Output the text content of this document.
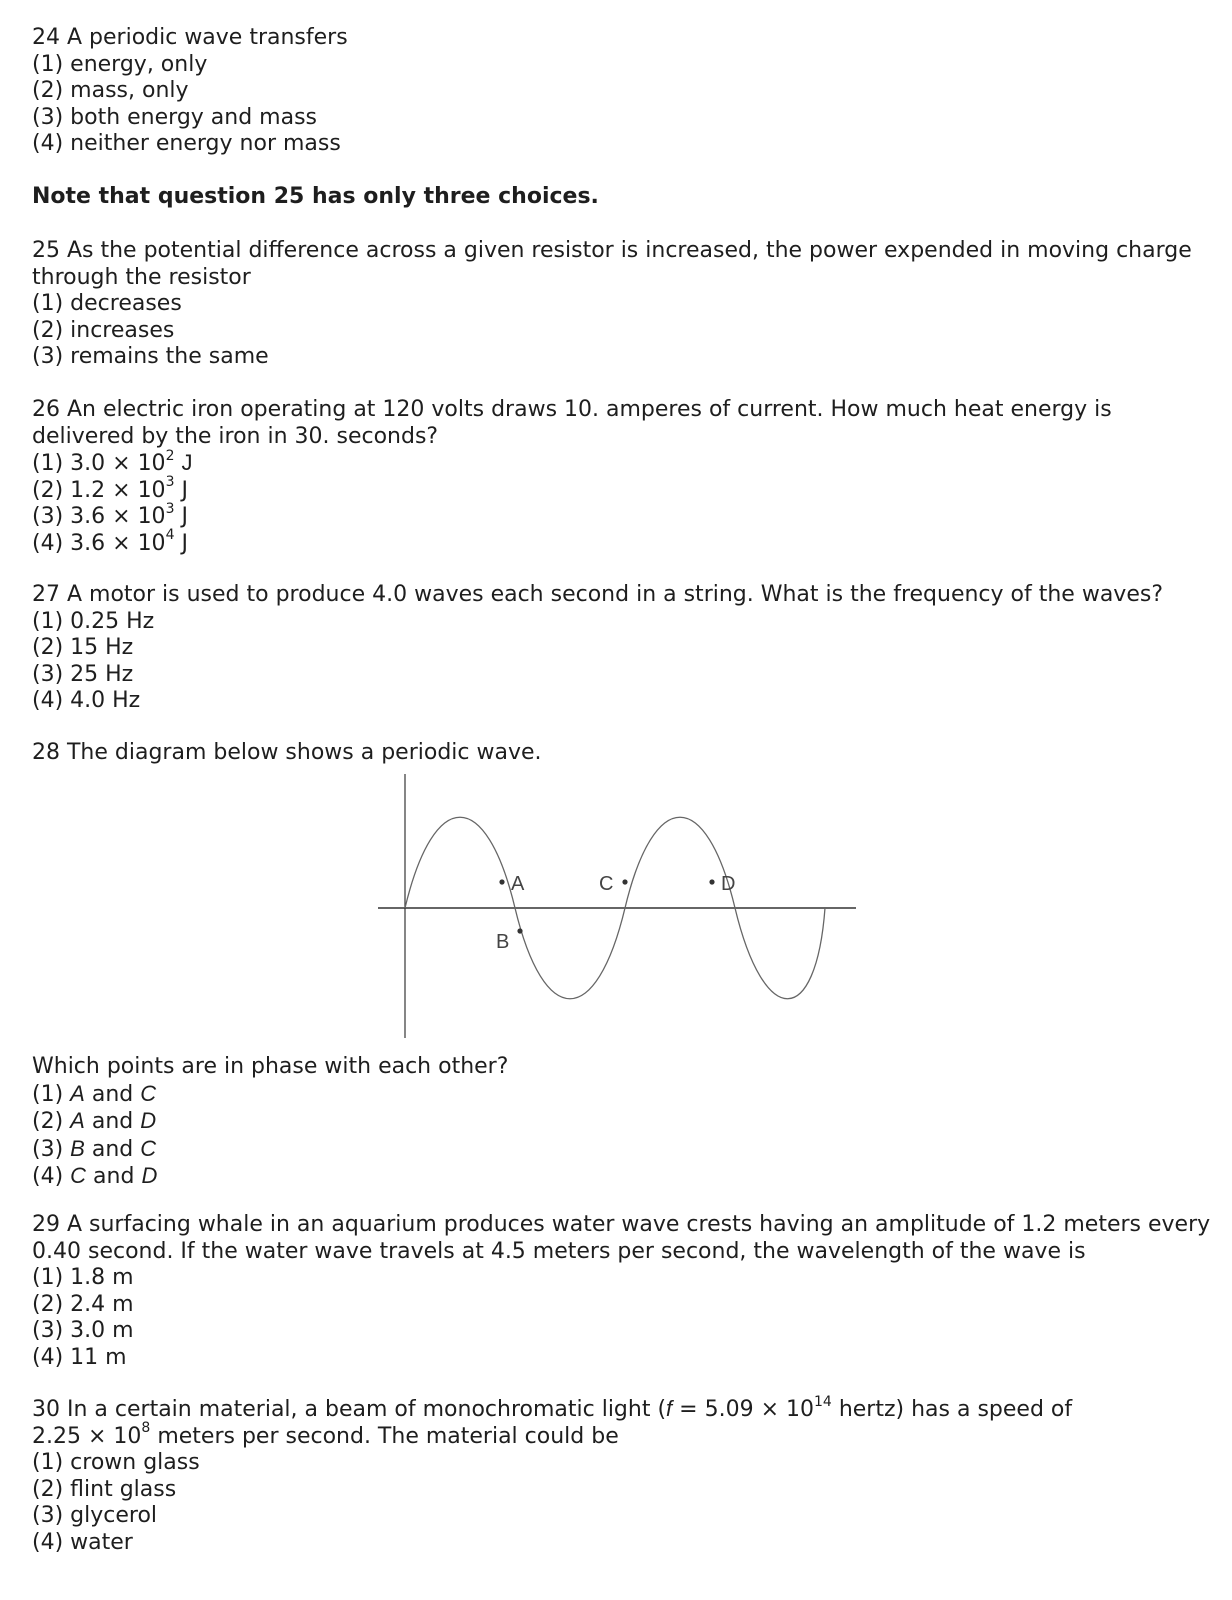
24 A periodic wave transfers
(1) energy, only
(2) mass, only
(3) both energy and mass
(4) neither energy nor mass
Note that question 25 has only three choices.
25 As the potential difference across a given resistor is increased, the power expended in moving charge through the resistor
(1) decreases
(2) increases
(3) remains the same
26 An electric iron operating at 120 volts draws 10. amperes of current. How much heat energy is delivered by the iron in 30. seconds?
(1) $3.0 \times 10^2$ J
(2) $1.2 \times 10^3$ J
(3) $3.6 \times 10^3$ J
(4) $3.6 \times 10^4$ J
27 A motor is used to produce 4.0 waves each second in a string. What is the frequency of the waves?
(1) 0.25 Hz
(2) 15 Hz
(3) 25 Hz
(4) 4.0 Hz
28 The diagram below shows a periodic wave.
A
B
C	D
Which points are in phase with each other?
(1) A and C
(2) A and D
(3) B and C
(4) C and D
29 A surfacing whale in an aquarium produces water wave crests having an amplitude of 1.2 meters every
0.40 second. If the water wave travels at 4.5 meters per second, the wavelength of the wave is
(1) 1.8 m
(2) 2.4 m
(3) 3.0 m
(4) 11 m
30 In a certain material, a beam of monochromatic light ($f = 5.09 \times 10^{14}$ hertz) has a speed of
$2.25 \times 10^8$ meters per second. The material could be
(1) crown glass
(2) flint glass
(3) glycerol
(4) water
